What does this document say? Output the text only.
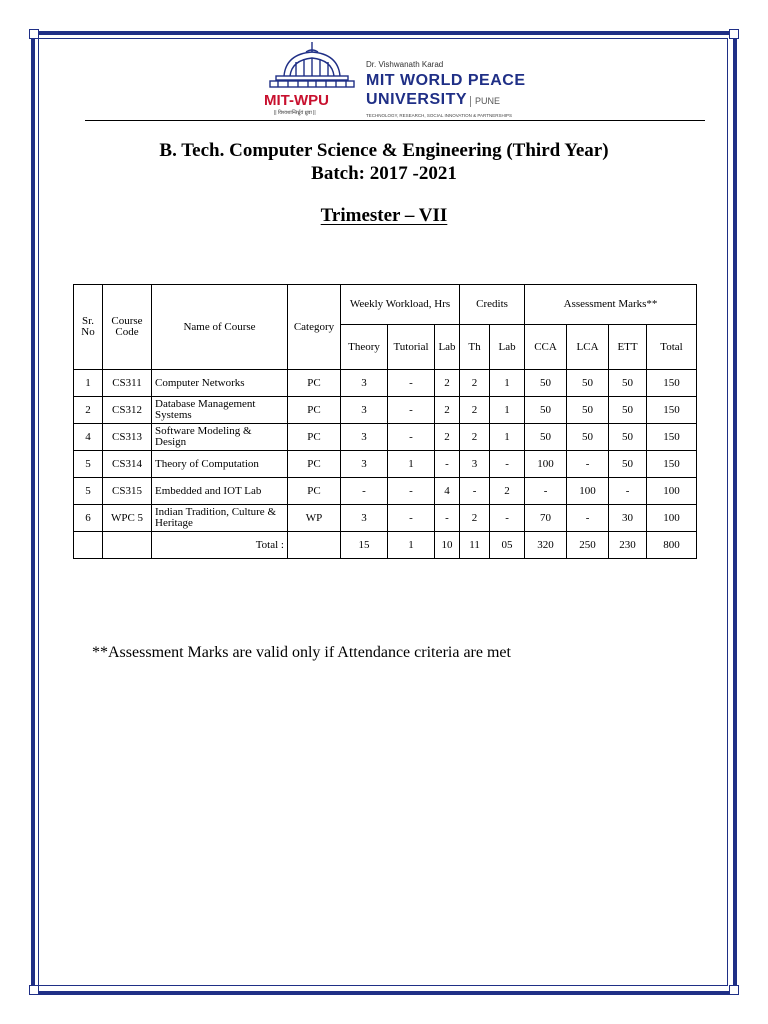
MIT-WPU
|| विश्वशान्तिर्ध्रुवं ध्रुवा ||
Dr. Vishwanath Karad
MIT WORLD PEACE
UNIVERSITY PUNE
TECHNOLOGY, RESEARCH, SOCIAL INNOVATION & PARTNERSHIPS
B. Tech. Computer Science & Engineering (Third Year)
Batch: 2017 -2021
Trimester – VII
Sr. No	Course Code	Name of Course	Category	Weekly Workload, Hrs			Credits		Assessment Marks**			
				Theory	Tutorial	Lab	Th	Lab	CCA	LCA	ETT	Total
1	CS311	Computer Networks	PC	3	-	2	2	1	50	50	50	150
2	CS312	Database Management Systems	PC	3	-	2	2	1	50	50	50	150
4	CS313	Software Modeling & Design	PC	3	-	2	2	1	50	50	50	150
5	CS314	Theory of Computation	PC	3	1	-	3	-	100	-	50	150
5	CS315	Embedded and IOT Lab	PC	-	-	4	-	2	-	100	-	100
6	WPC 5	Indian Tradition, Culture & Heritage	WP	3	-	-	2	-	70	-	30	100
		Total :		15	1	10	11	05	320	250	230	800
**Assessment Marks are valid only if Attendance criteria are met
